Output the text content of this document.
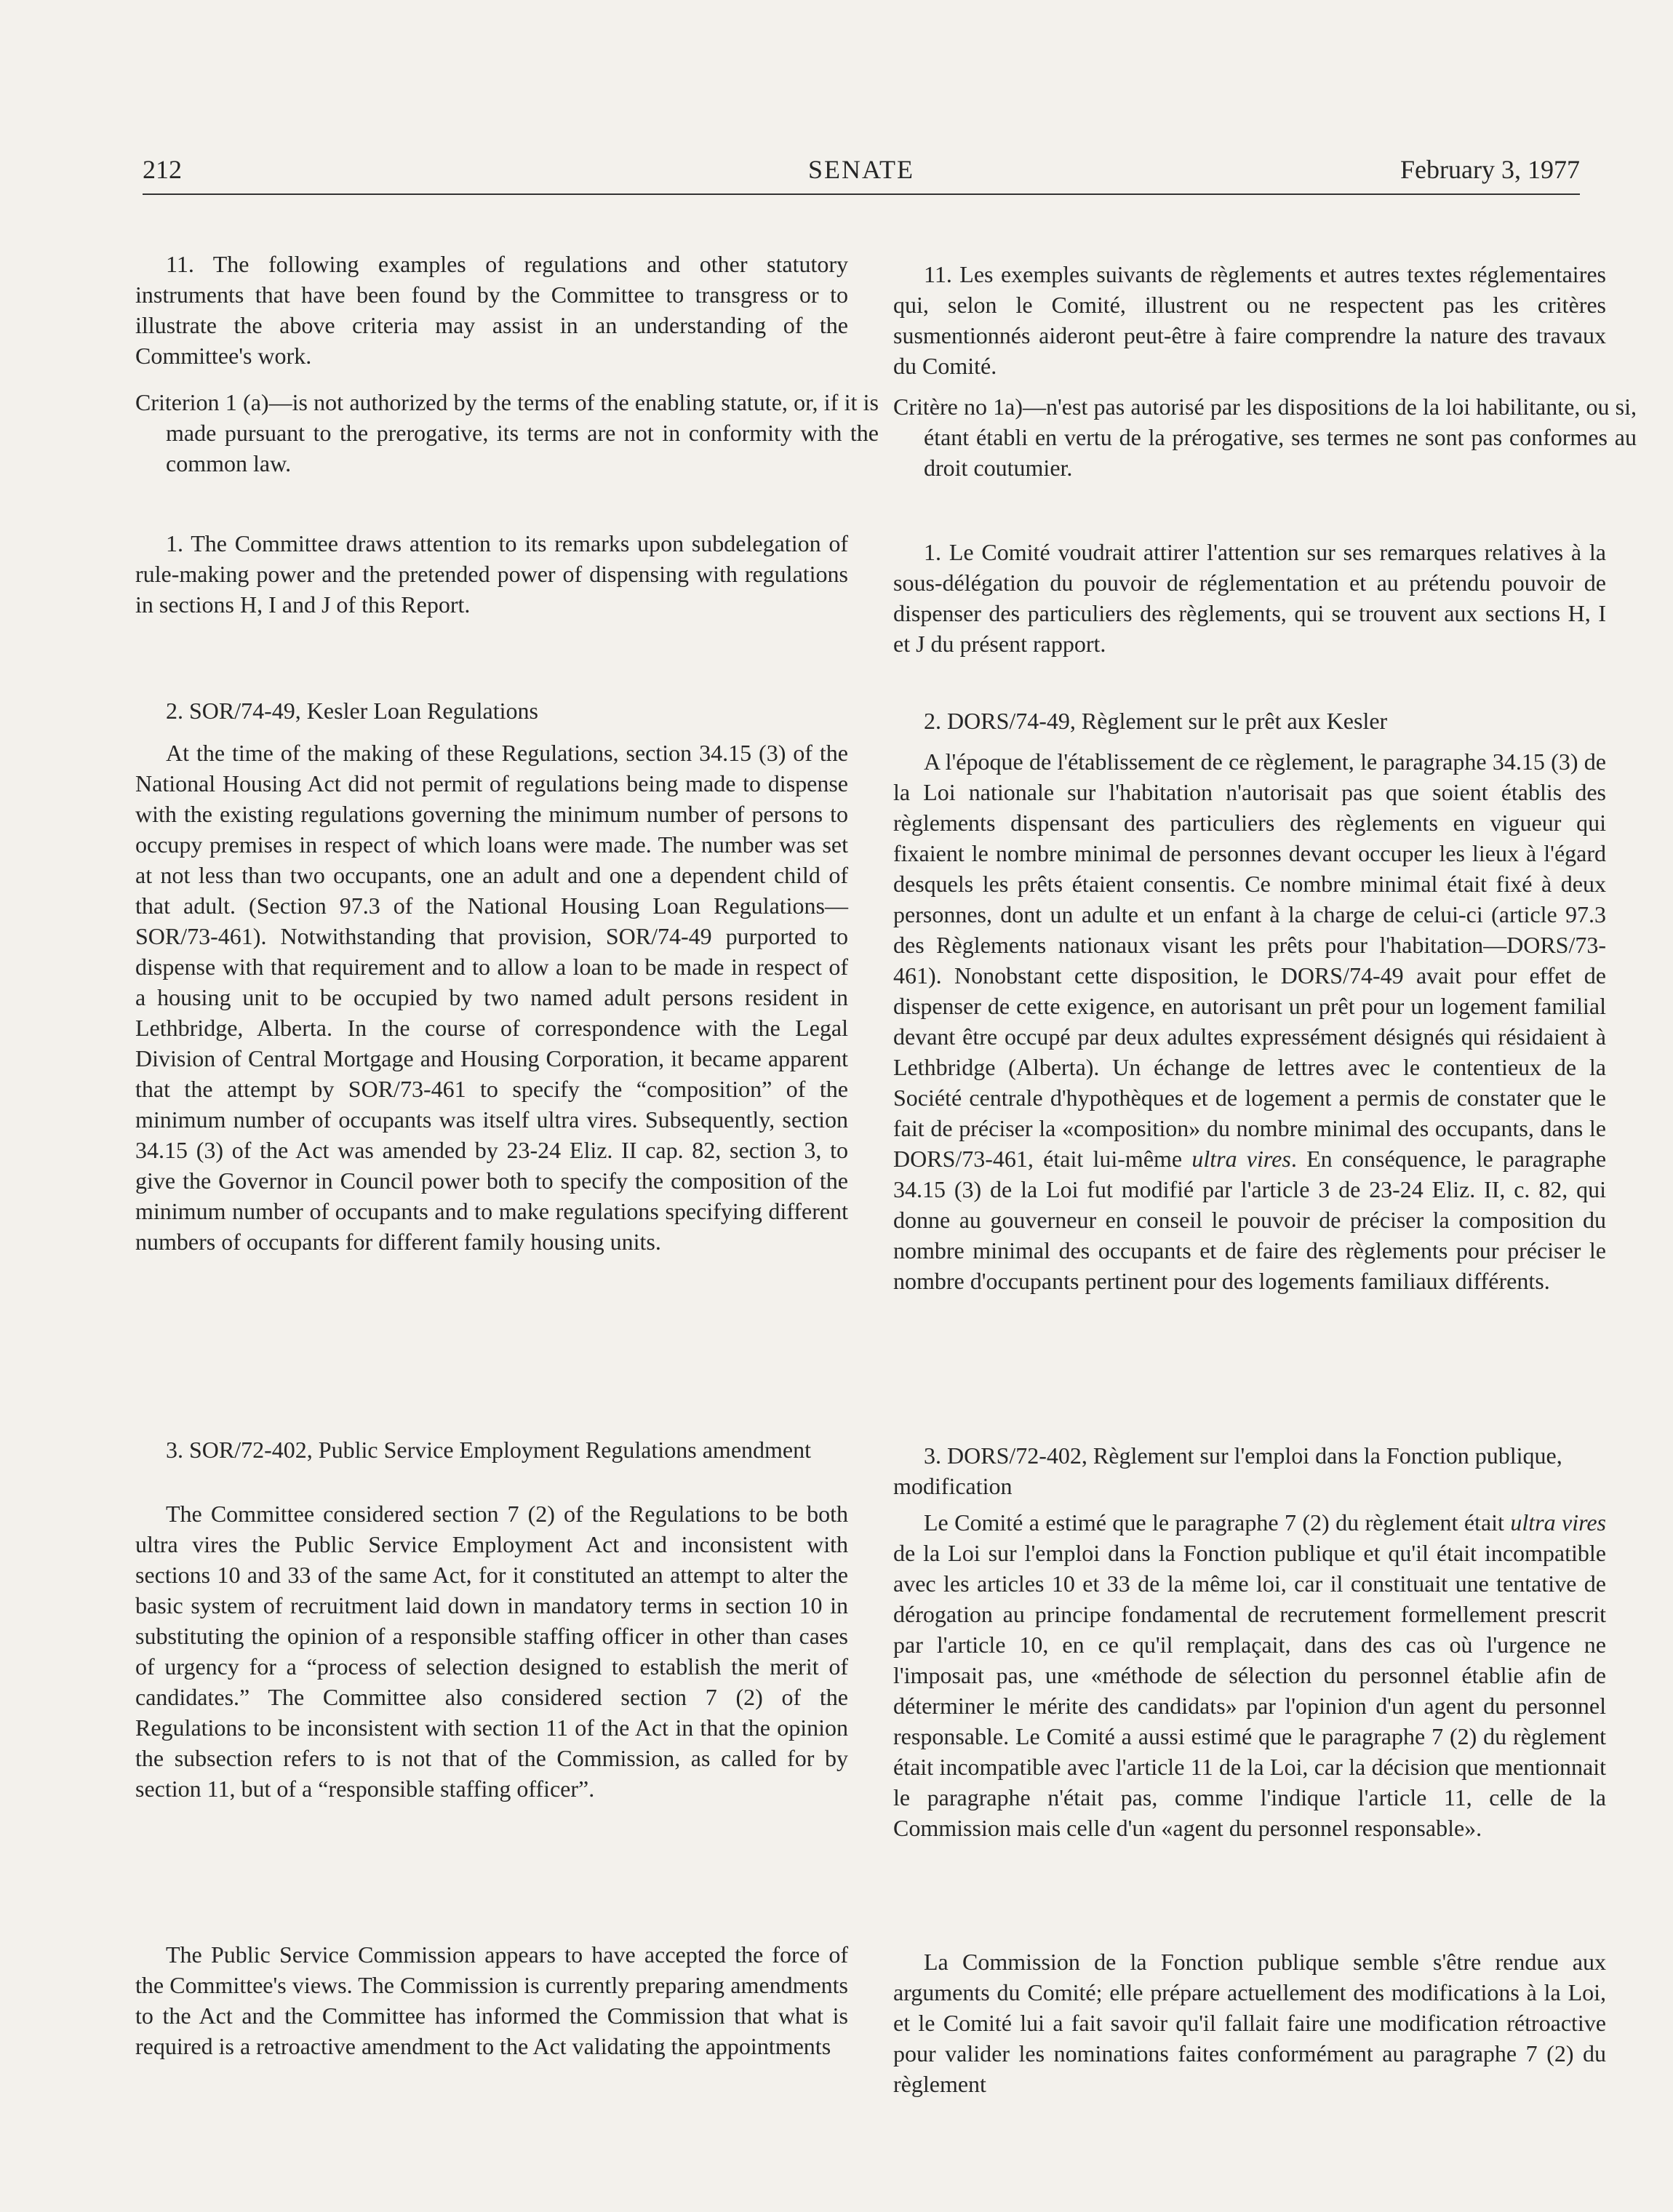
212	SENATE	February 3, 1977

11. The following examples of regulations and other statutory instruments that have been found by the Committee to transgress or to illustrate the above criteria may assist in an understanding of the Committee's work.

Criterion 1 (a)—is not authorized by the terms of the enabling statute, or, if it is made pursuant to the prerogative, its terms are not in conformity with the common law.

1. The Committee draws attention to its remarks upon subdelegation of rule-making power and the pretended power of dispensing with regulations in sections H, I and J of this Report.

2. SOR/74-49, Kesler Loan Regulations

At the time of the making of these Regulations, section 34.15 (3) of the National Housing Act did not permit of regulations being made to dispense with the existing regulations governing the minimum number of persons to occupy premises in respect of which loans were made. The number was set at not less than two occupants, one an adult and one a dependent child of that adult. (Section 97.3 of the National Housing Loan Regulations—SOR/73-461). Notwithstanding that provision, SOR/74-49 purported to dispense with that requirement and to allow a loan to be made in respect of a housing unit to be occupied by two named adult persons resident in Lethbridge, Alberta. In the course of correspondence with the Legal Division of Central Mortgage and Housing Corporation, it became apparent that the attempt by SOR/73-461 to specify the “composition” of the minimum number of occupants was itself ultra vires. Subsequently, section 34.15 (3) of the Act was amended by 23-24 Eliz. II cap. 82, section 3, to give the Governor in Council power both to specify the composition of the minimum number of occupants and to make regulations specifying different numbers of occupants for different family housing units.

3. SOR/72-402, Public Service Employment Regulations amendment

The Committee considered section 7 (2) of the Regulations to be both ultra vires the Public Service Employment Act and inconsistent with sections 10 and 33 of the same Act, for it constituted an attempt to alter the basic system of recruitment laid down in mandatory terms in section 10 in substituting the opinion of a responsible staffing officer in other than cases of urgency for a “process of selection designed to establish the merit of candidates.” The Committee also considered section 7 (2) of the Regulations to be inconsistent with section 11 of the Act in that the opinion the subsection refers to is not that of the Commission, as called for by section 11, but of a “responsible staffing officer”.

The Public Service Commission appears to have accepted the force of the Committee's views. The Commission is currently preparing amendments to the Act and the Committee has informed the Commission that what is required is a retroactive amendment to the Act validating the appointments

11. Les exemples suivants de règlements et autres textes réglementaires qui, selon le Comité, illustrent ou ne respectent pas les critères susmentionnés aideront peut-être à faire comprendre la nature des travaux du Comité.

Critère no 1a)—n'est pas autorisé par les dispositions de la loi habilitante, ou si, étant établi en vertu de la prérogative, ses termes ne sont pas conformes au droit coutumier.

1. Le Comité voudrait attirer l'attention sur ses remarques relatives à la sous-délégation du pouvoir de réglementation et au prétendu pouvoir de dispenser des particuliers des règlements, qui se trouvent aux sections H, I et J du présent rapport.

2. DORS/74-49, Règlement sur le prêt aux Kesler

A l'époque de l'établissement de ce règlement, le paragraphe 34.15 (3) de la Loi nationale sur l'habitation n'autorisait pas que soient établis des règlements dispensant des particuliers des règlements en vigueur qui fixaient le nombre minimal de personnes devant occuper les lieux à l'égard desquels les prêts étaient consentis. Ce nombre minimal était fixé à deux personnes, dont un adulte et un enfant à la charge de celui-ci (article 97.3 des Règlements nationaux visant les prêts pour l'habitation—DORS/73-461). Nonobstant cette disposition, le DORS/74-49 avait pour effet de dispenser de cette exigence, en autorisant un prêt pour un logement familial devant être occupé par deux adultes expressément désignés qui résidaient à Lethbridge (Alberta). Un échange de lettres avec le contentieux de la Société centrale d'hypothèques et de logement a permis de constater que le fait de préciser la «composition» du nombre minimal des occupants, dans le DORS/73-461, était lui-même ultra vires. En conséquence, le paragraphe 34.15 (3) de la Loi fut modifié par l'article 3 de 23-24 Eliz. II, c. 82, qui donne au gouverneur en conseil le pouvoir de préciser la composition du nombre minimal des occupants et de faire des règlements pour préciser le nombre d'occupants pertinent pour des logements familiaux différents.

3. DORS/72-402, Règlement sur l'emploi dans la Fonction publique, modification

Le Comité a estimé que le paragraphe 7 (2) du règlement était ultra vires de la Loi sur l'emploi dans la Fonction publique et qu'il était incompatible avec les articles 10 et 33 de la même loi, car il constituait une tentative de dérogation au principe fondamental de recrutement formellement prescrit par l'article 10, en ce qu'il remplaçait, dans des cas où l'urgence ne l'imposait pas, une «méthode de sélection du personnel établie afin de déterminer le mérite des candidats» par l'opinion d'un agent du personnel responsable. Le Comité a aussi estimé que le paragraphe 7 (2) du règlement était incompatible avec l'article 11 de la Loi, car la décision que mentionnait le paragraphe n'était pas, comme l'indique l'article 11, celle de la Commission mais celle d'un «agent du personnel responsable».

La Commission de la Fonction publique semble s'être rendue aux arguments du Comité; elle prépare actuellement des modifications à la Loi, et le Comité lui a fait savoir qu'il fallait faire une modification rétroactive pour valider les nominations faites conformément au paragraphe 7 (2) du règlement
